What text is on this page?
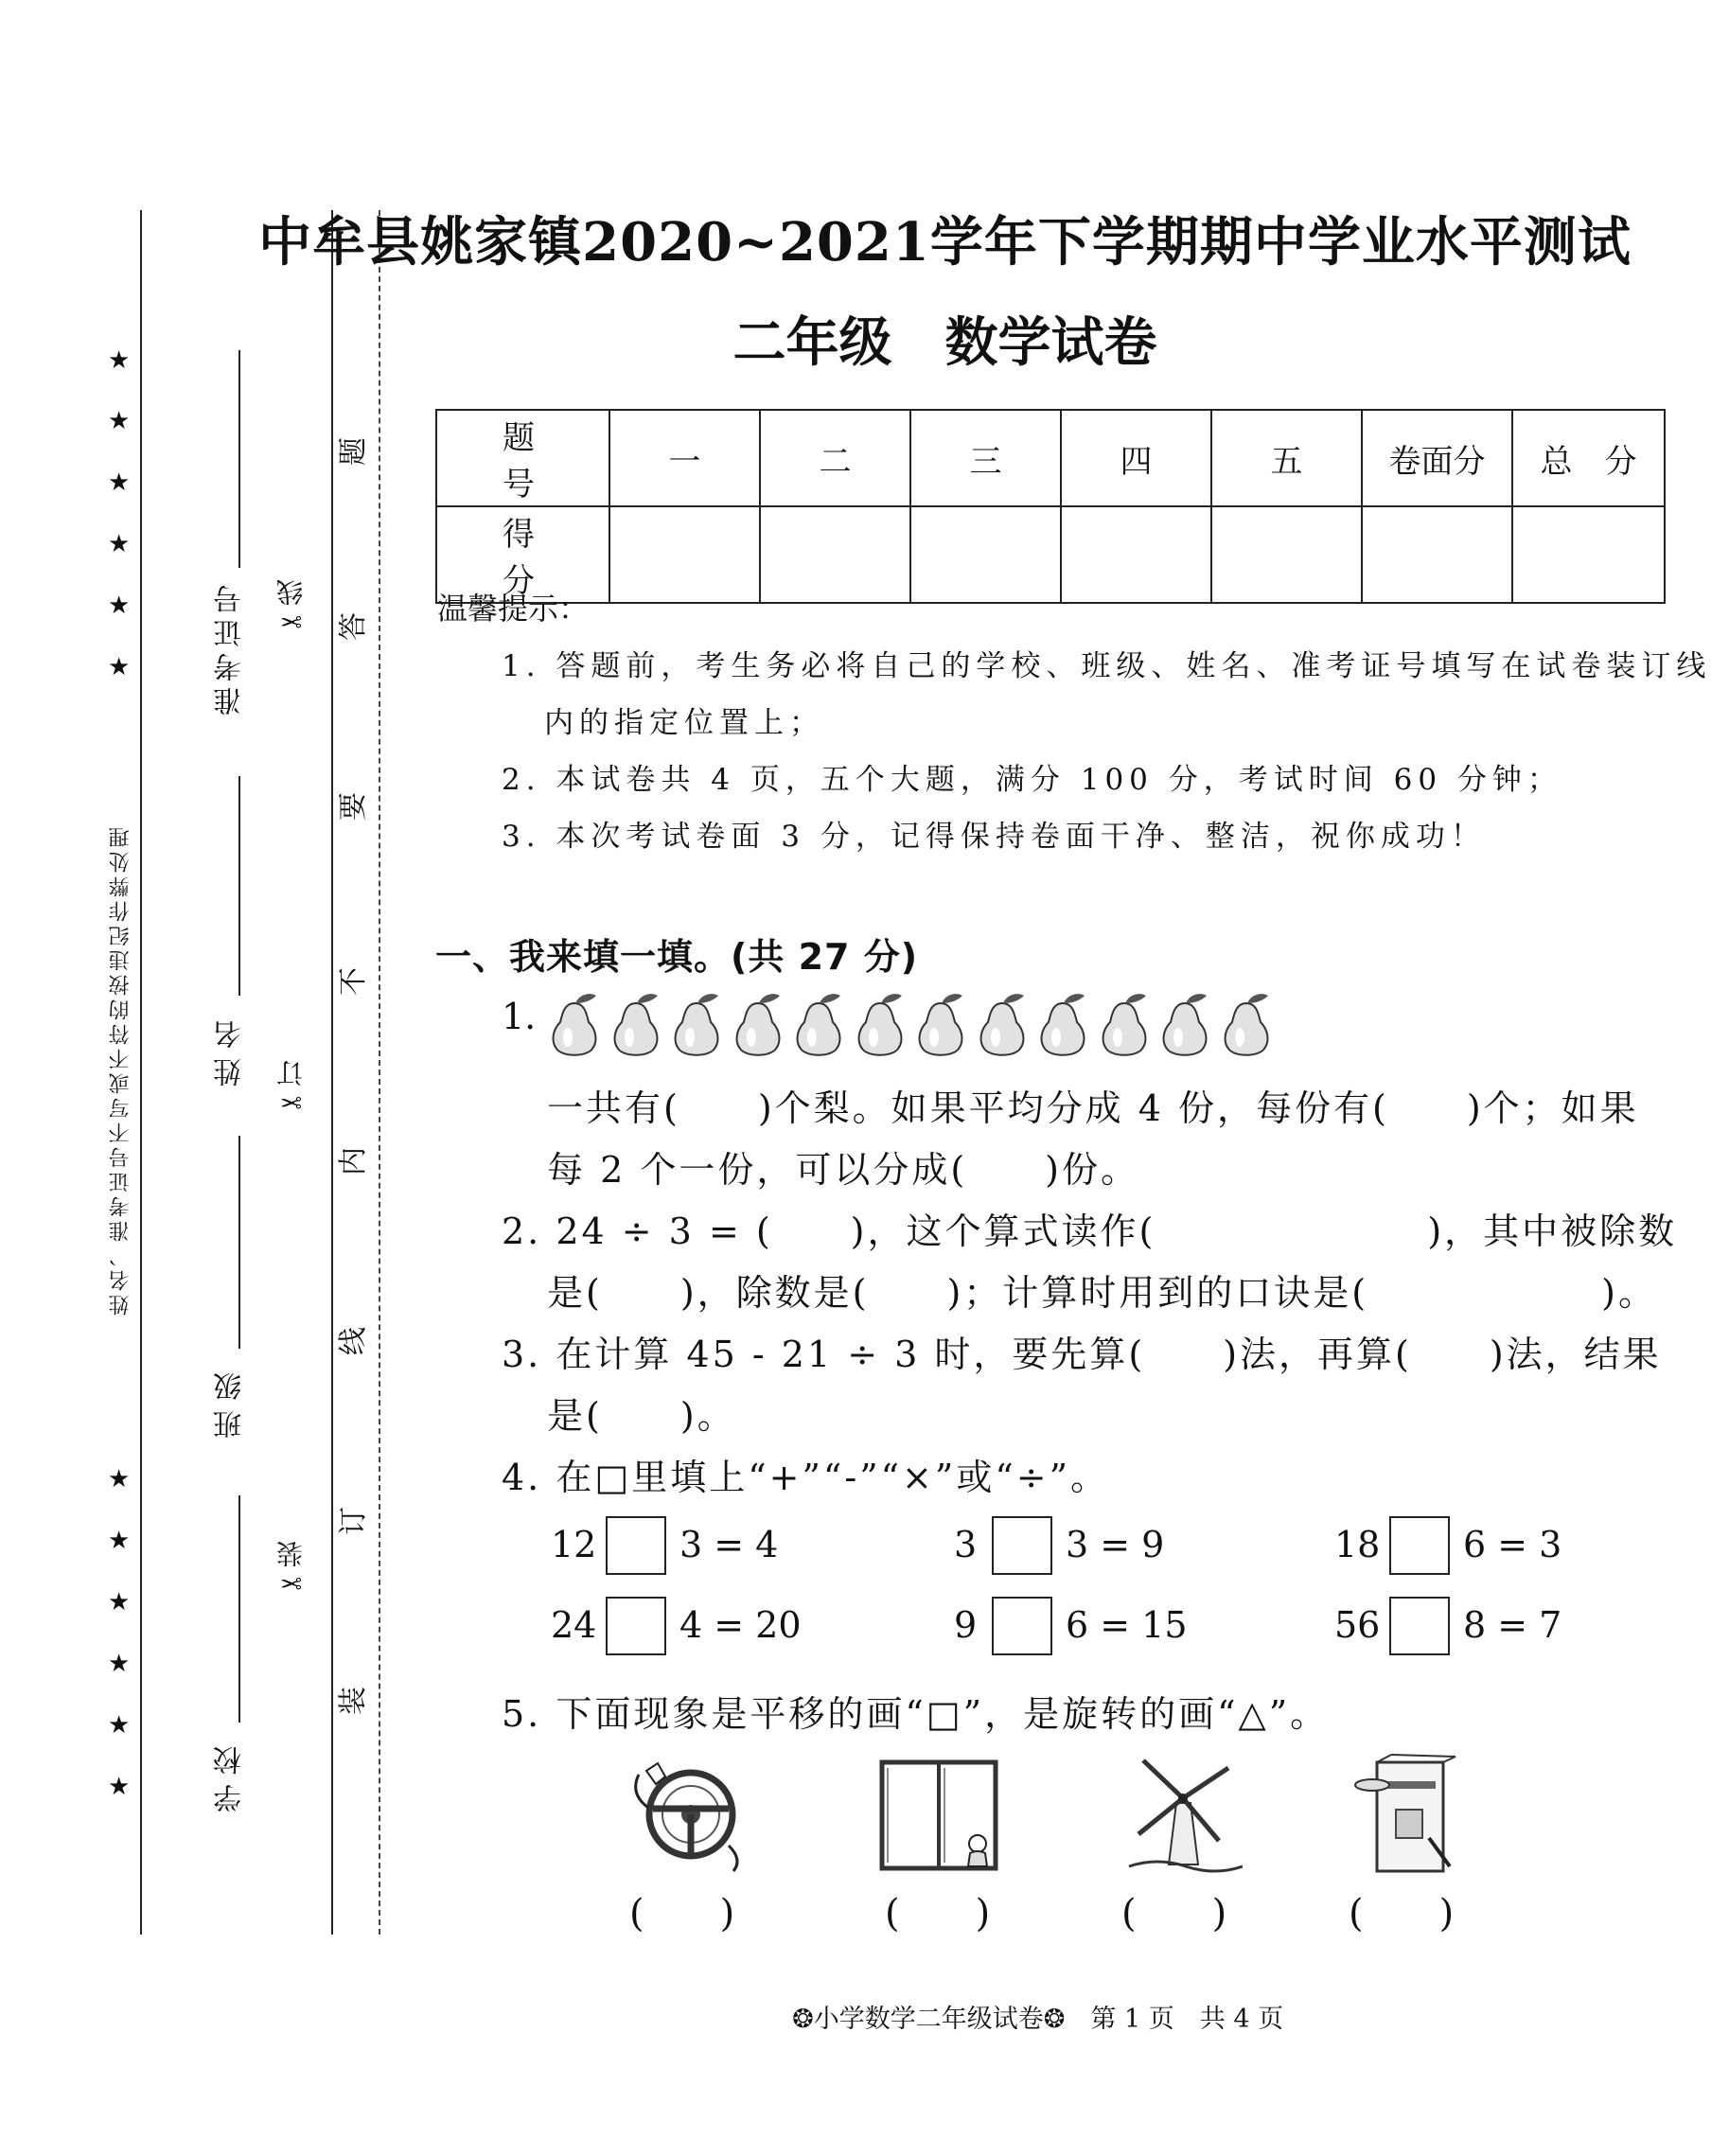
★
★
★
★
★
★
★
★
★
★
★
★
姓名、准考证号不写或不符的按违纪作弊处理
准考证号
姓名
班级
学校
✂线
✂订
✂装
题
答
要
不
内
线
订
装
中牟县姚家镇2020~2021学年下学期期中学业水平测试
二年级　数学试卷
题　号	一	二	三	四	五	卷面分	总　分
得　分							
温馨提示：
1. 答题前，考生务必将自己的学校、班级、姓名、准考证号填写在试卷装订线
内的指定位置上；
2. 本试卷共 4 页，五个大题，满分 100 分，考试时间 60 分钟；
3. 本次考试卷面 3 分，记得保持卷面干净、整洁，祝你成功！
一、我来填一填。(共 27 分)
1.
一共有(　　)个梨。如果平均分成 4 份，每份有(　　)个；如果
每 2 个一份，可以分成(　　)份。
2. 24 ÷ 3 = (　　)，这个算式读作(　　　　　　　)，其中被除数
是(　　)，除数是(　　)；计算时用到的口诀是(　　　　　　)。
3. 在计算 45 - 21 ÷ 3 时，要先算(　　)法，再算(　　)法，结果
是(　　)。
4. 在□里填上“+”“-”“×”或“÷”。
12 3 = 4	3 3 = 9	18 6 = 3
24 4 = 20	9 6 = 15	56 8 = 7
5. 下面现象是平移的画“□”，是旋转的画“△”。
(　　)	(　　)	(　　)	(　　)

❂小学数学二年级试卷❂　 第 1 页　共 4 页
